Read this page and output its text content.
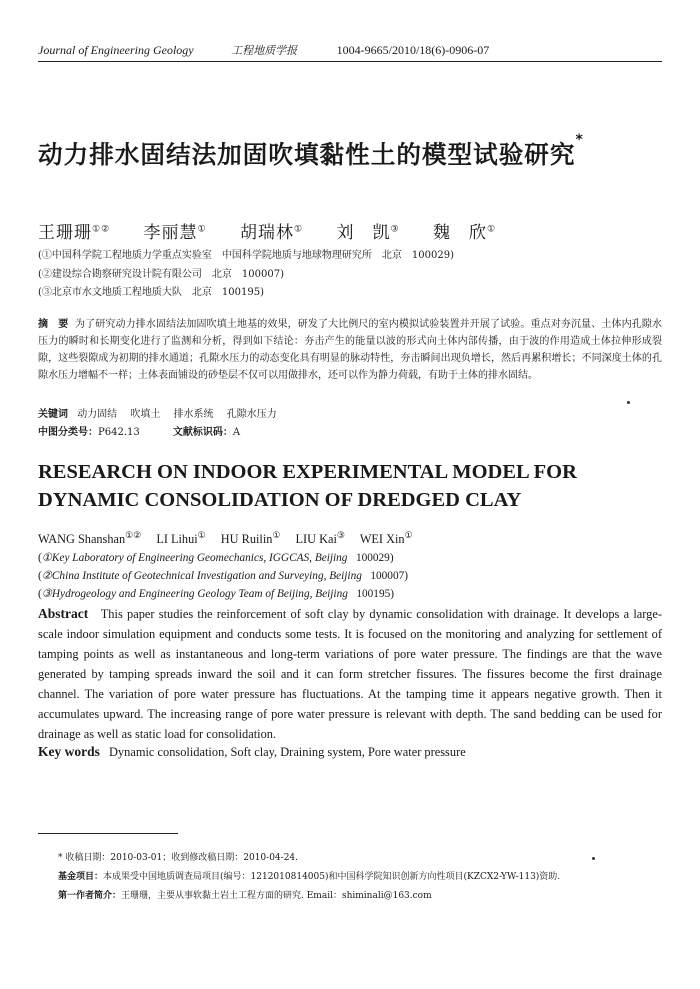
Journal of Engineering Geology	工程地质学报	1004-9665/2010/18(6)-0906-07
动力排水固结法加固吹填黏性土的模型试验研究*
王珊珊①② 李丽慧① 胡瑞林① 刘　凯③ 魏　欣①
(①中国科学院工程地质力学重点实验室　中国科学院地质与地球物理研究所　北京　100029)
(②建设综合勘察研究设计院有限公司　北京　100007)
(③北京市水文地质工程地质大队　北京　100195)
摘　要 为了研究动力排水固结法加固吹填土地基的效果，研发了大比例尺的室内模拟试验装置并开展了试验。重点对夯沉量、土体内孔隙水压力的瞬时和长期变化进行了监测和分析，得到如下结论：夯击产生的能量以波的形式向土体内部传播，由于波的作用造成土体拉伸形成裂隙，这些裂隙成为初期的排水通道；孔隙水压力的动态变化具有明显的脉动特性，夯击瞬间出现负增长，然后再累积增长；不同深度土体的孔隙水压力增幅不一样；土体表面铺设的砂垫层不仅可以用做排水，还可以作为静力荷载，有助于土体的排水固结。
关键词 动力固结 吹填土 排水系统 孔隙水压力
中图分类号：P642.13	文献标识码：A
RESEARCH ON INDOOR EXPERIMENTAL MODEL FOR DYNAMIC CONSOLIDATION OF DREDGED CLAY
WANG Shanshan①② LI Lihui① HU Ruilin① LIU Kai③ WEI Xin①
(①Key Laboratory of Engineering Geomechanics, IGGCAS, Beijing 100029)
(②China Institute of Geotechnical Investigation and Surveying, Beijing 100007)
(③Hydrogeology and Engineering Geology Team of Beijing, Beijing 100195)
Abstract This paper studies the reinforcement of soft clay by dynamic consolidation with drainage. It develops a large-scale indoor simulation equipment and conducts some tests. It is focused on the monitoring and analyzing for settlement of tamping points as well as instantaneous and long-term variations of pore water pressure. The findings are that the wave generated by tamping spreads inward the soil and it can form stretcher fissures. The fissures become the first drainage channel. The variation of pore water pressure has fluctuations. At the tamping time it appears negative growth. Then it accumulates upward. The increasing range of pore water pressure is relevant with depth. The sand bedding can be used for drainage as well as static load for consolidation.
Key words Dynamic consolidation, Soft clay, Draining system, Pore water pressure
* 收稿日期：2010-03-01；收到修改稿日期：2010-04-24.
基金项目：本成果受中国地质调查局项目(编号：1212010814005)和中国科学院知识创新方向性项目(KZCX2-YW-113)资助.
第一作者简介：王珊珊，主要从事软黏土岩土工程方面的研究. Email：shiminali@163.com
